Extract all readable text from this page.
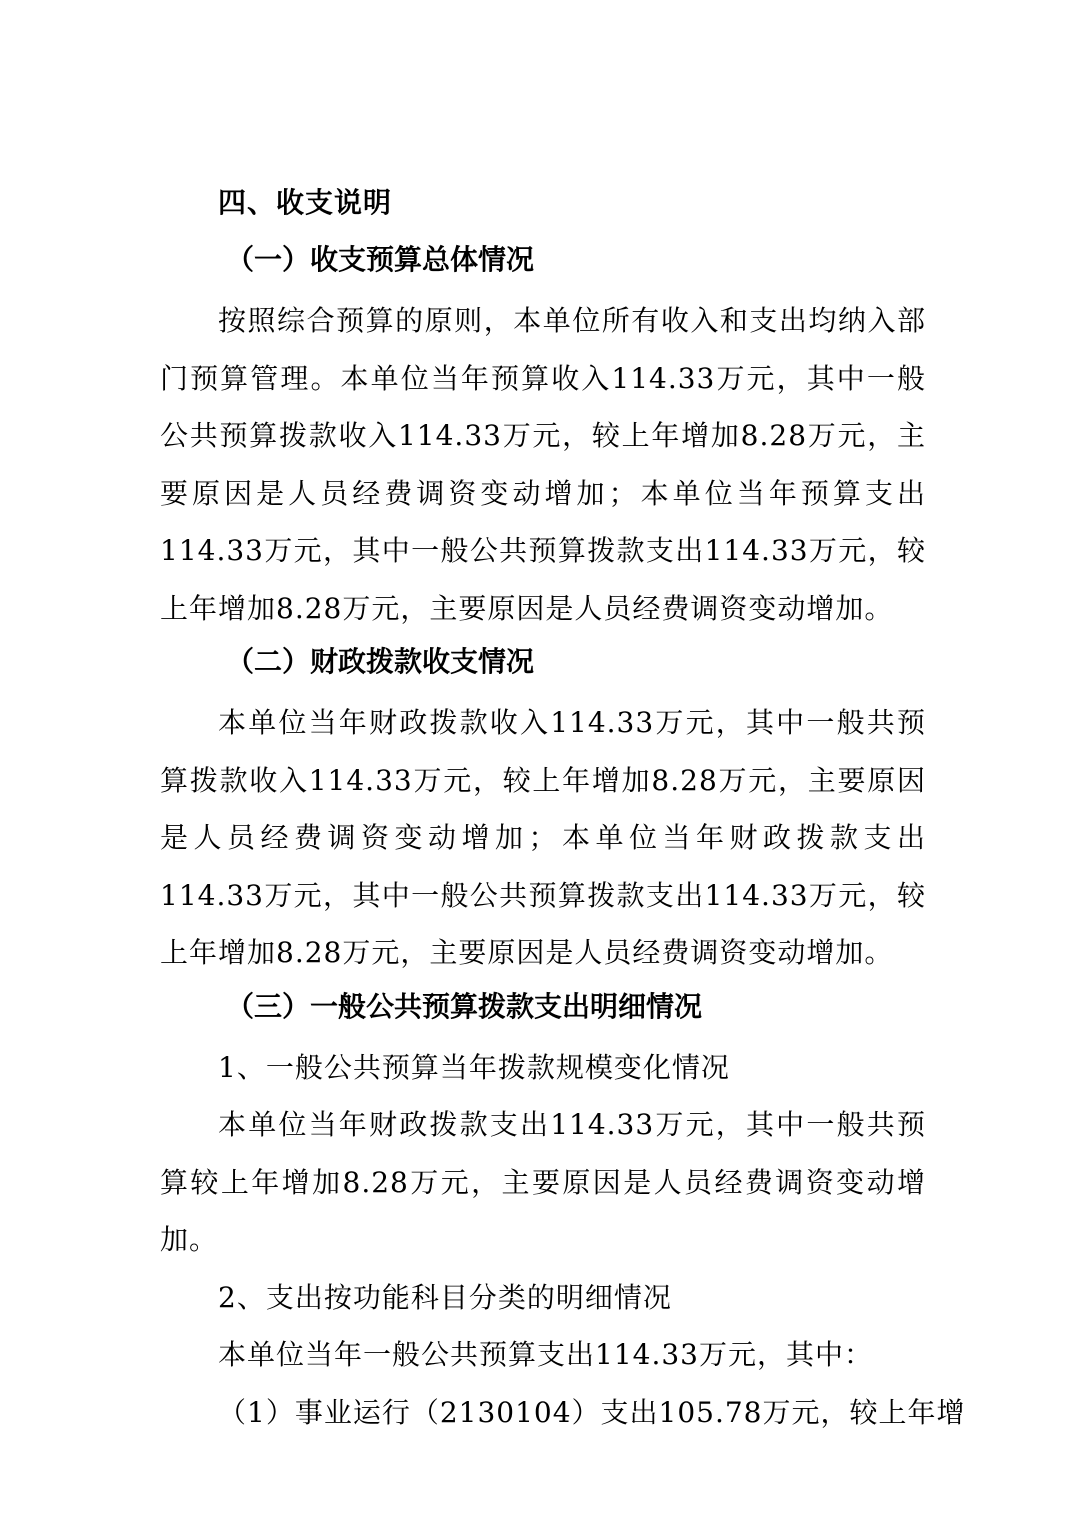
四、收支说明
（一）收支预算总体情况

按照综合预算的原则，本单位所有收入和支出均纳入部门预算管理。本单位当年预算收入114.33万元，其中一般公共预算拨款收入114.33万元，较上年增加8.28万元，主要原因是人员经费调资变动增加；本单位当年预算支出114.33万元，其中一般公共预算拨款支出114.33万元，较上年增加8.28万元，主要原因是人员经费调资变动增加。

（二）财政拨款收支情况

本单位当年财政拨款收入114.33万元，其中一般共预算拨款收入114.33万元，较上年增加8.28万元，主要原因是人员经费调资变动增加；本单位当年财政拨款支出114.33万元，其中一般公共预算拨款支出114.33万元，较上年增加8.28万元，主要原因是人员经费调资变动增加。

（三）一般公共预算拨款支出明细情况

1、一般公共预算当年拨款规模变化情况

本单位当年财政拨款支出114.33万元，其中一般共预算较上年增加8.28万元，主要原因是人员经费调资变动增加。

2、支出按功能科目分类的明细情况

本单位当年一般公共预算支出114.33万元，其中：

（1）事业运行（2130104）支出105.78万元，较上年增
